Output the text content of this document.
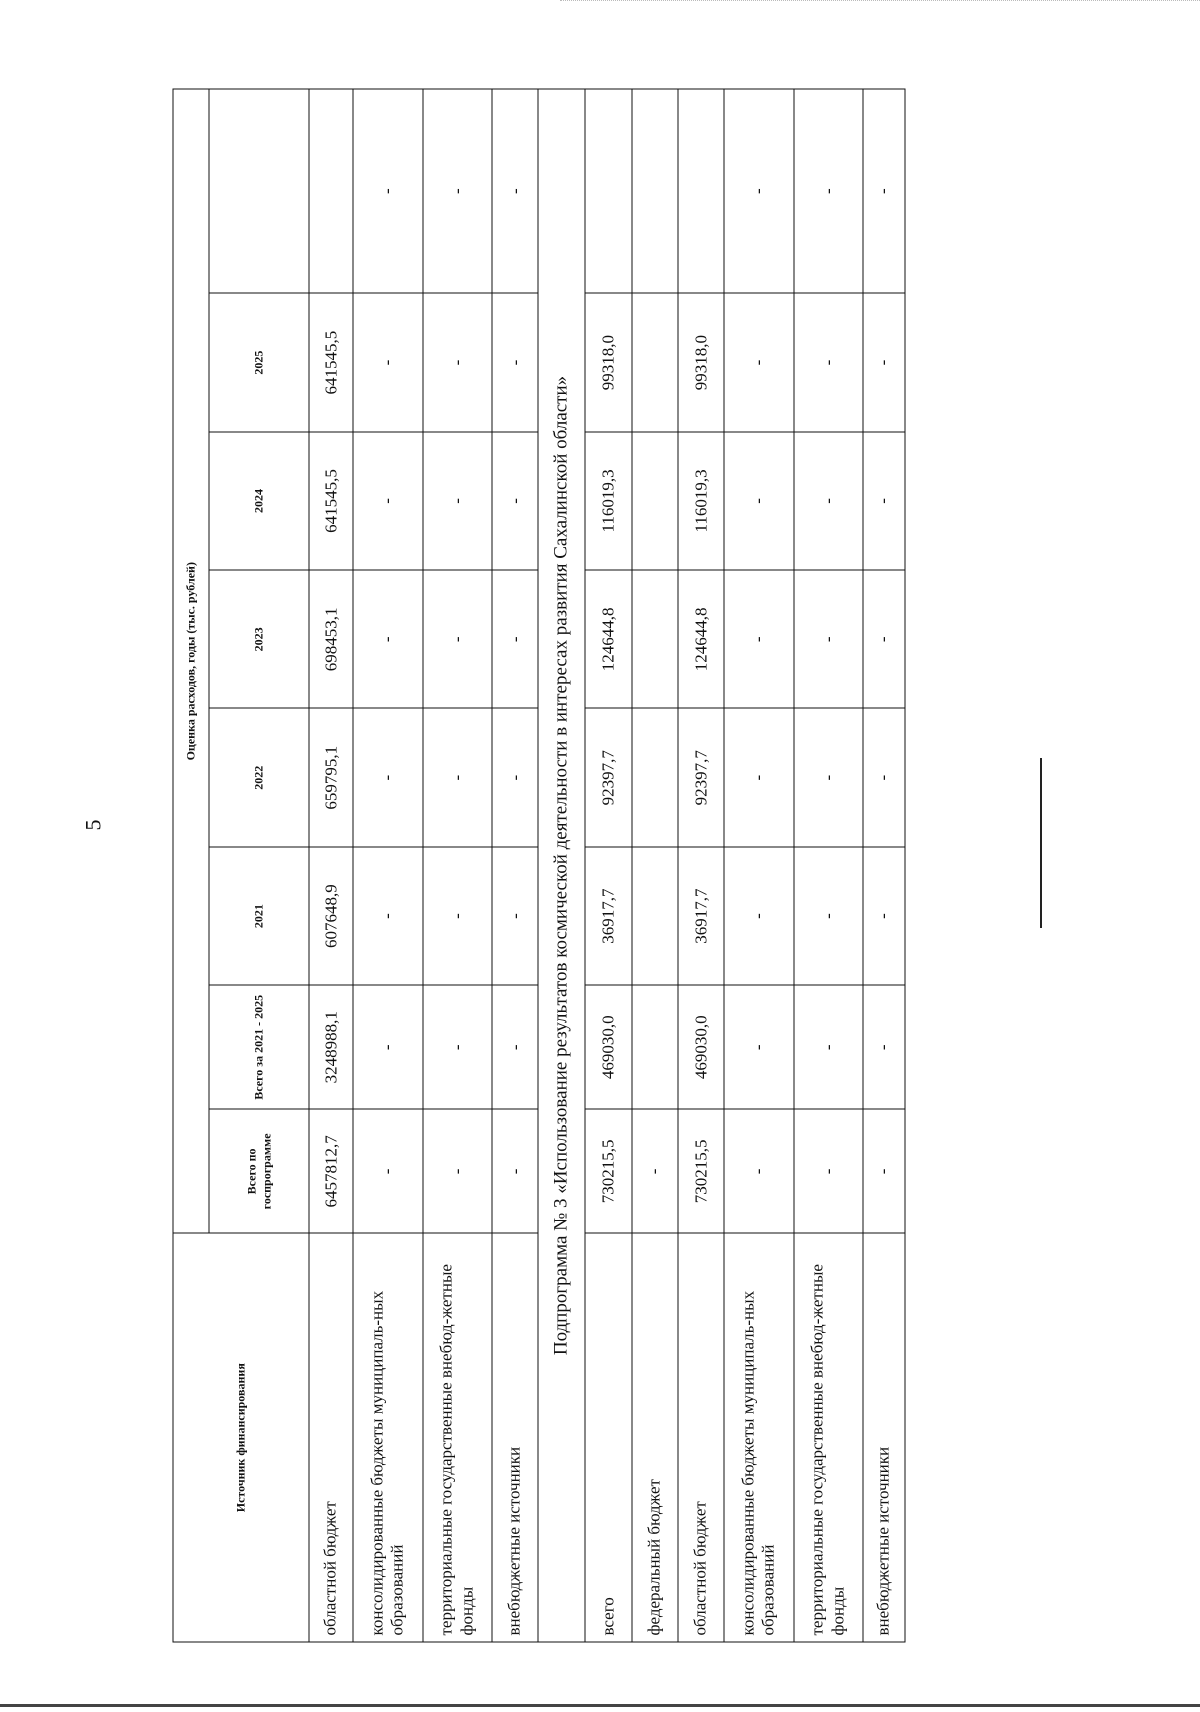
5
Источник финансирования	Оценка расходов, годы (тыс. рублей)							
	Всего по госпрограмме	Всего за 2021 - 2025	2021	2022	2023	2024	2025	
областной бюджет	6457812,7	3248988,1	607648,9	659795,1	698453,1	641545,5	641545,5	
консолидированные бюджеты муниципаль-ных образований	-	-	-	-	-	-	-	-
территориальные государственные внебюд-жетные фонды	-	-	-	-	-	-	-	-
внебюджетные источники	-	-	-	-	-	-	-	-
Подпрограмма № 3 «Использование результатов космической деятельности в интересах развития Сахалинской области»								
всего	730215,5	469030,0	36917,7	92397,7	124644,8	116019,3	99318,0	
федеральный бюджет	-							
областной бюджет	730215,5	469030,0	36917,7	92397,7	124644,8	116019,3	99318,0	
консолидированные бюджеты муниципаль-ных образований	-	-	-	-	-	-	-	-
территориальные государственные внебюд-жетные фонды	-	-	-	-	-	-	-	-
внебюджетные источники	-	-	-	-	-	-	-	-
